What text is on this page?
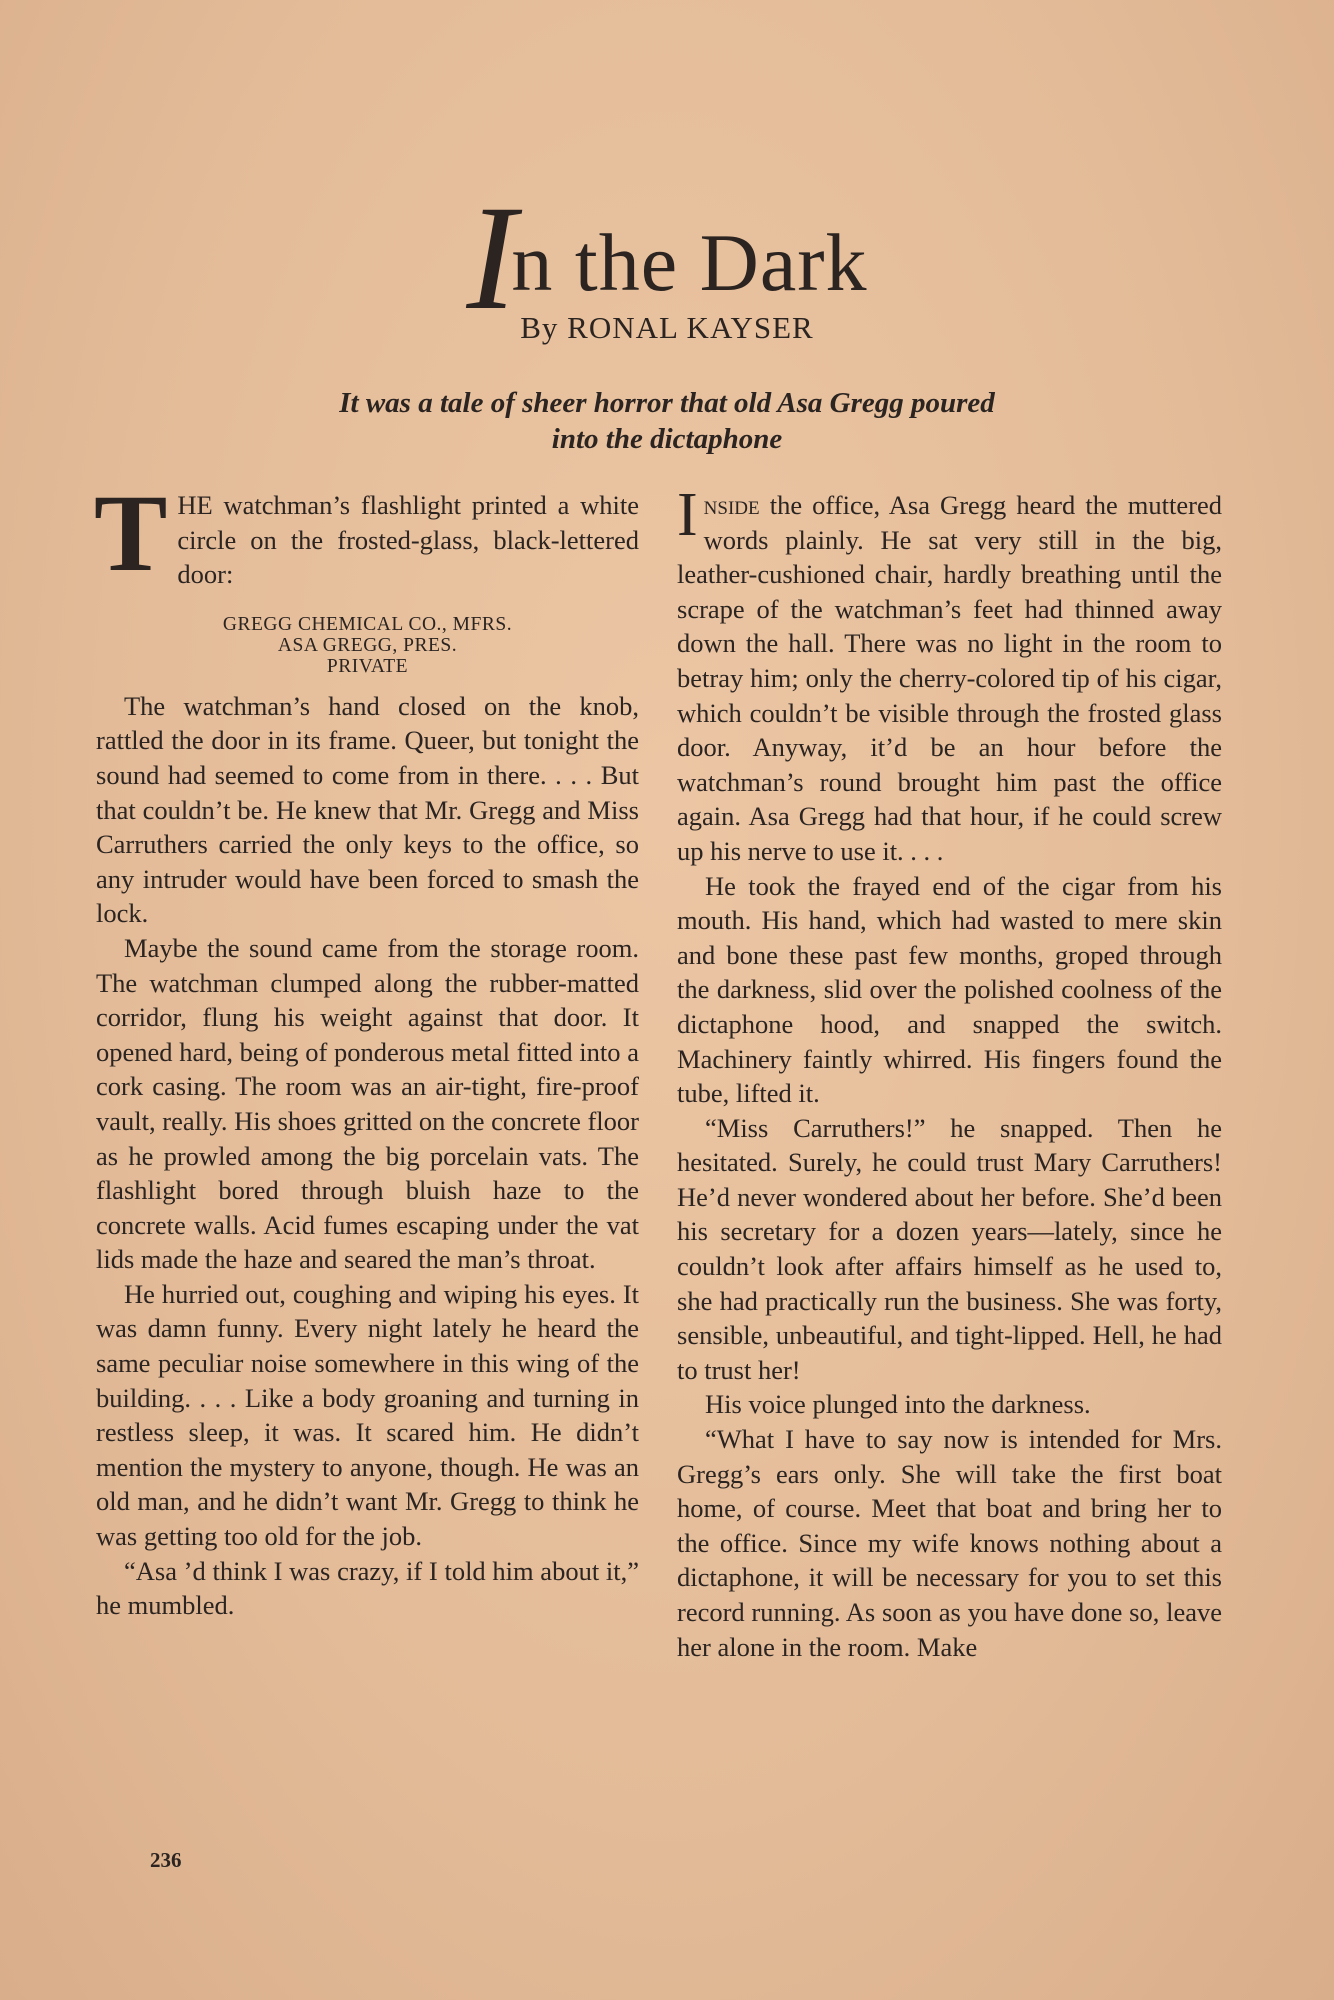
In the Dark
By RONAL KAYSER
It was a tale of sheer horror that old Asa Gregg poured
into the dictaphone

THE watchman’s flashlight printed a white circle on the frosted-glass, black-lettered door:

GREGG CHEMICAL CO., MFRS.
ASA GREGG, PRES.
PRIVATE

The watchman’s hand closed on the knob, rattled the door in its frame. Queer, but tonight the sound had seemed to come from in there. . . . But that couldn’t be. He knew that Mr. Gregg and Miss Carruthers carried the only keys to the office, so any intruder would have been forced to smash the lock.

Maybe the sound came from the storage room. The watchman clumped along the rubber-matted corridor, flung his weight against that door. It opened hard, being of ponderous metal fitted into a cork casing. The room was an air-tight, fire-proof vault, really. His shoes gritted on the concrete floor as he prowled among the big porcelain vats. The flashlight bored through bluish haze to the concrete walls. Acid fumes escaping under the vat lids made the haze and seared the man’s throat.

He hurried out, coughing and wiping his eyes. It was damn funny. Every night lately he heard the same peculiar noise somewhere in this wing of the building. . . . Like a body groaning and turning in restless sleep, it was. It scared him. He didn’t mention the mystery to anyone, though. He was an old man, and he didn’t want Mr. Gregg to think he was getting too old for the job.

“Asa ’d think I was crazy, if I told him about it,” he mumbled.

Inside the office, Asa Gregg heard the muttered words plainly. He sat very still in the big, leather-cushioned chair, hardly breathing until the scrape of the watchman’s feet had thinned away down the hall. There was no light in the room to betray him; only the cherry-colored tip of his cigar, which couldn’t be visible through the frosted glass door. Anyway, it’d be an hour before the watchman’s round brought him past the office again. Asa Gregg had that hour, if he could screw up his nerve to use it. . . .

He took the frayed end of the cigar from his mouth. His hand, which had wasted to mere skin and bone these past few months, groped through the darkness, slid over the polished coolness of the dictaphone hood, and snapped the switch. Machinery faintly whirred. His fingers found the tube, lifted it.

“Miss Carruthers!” he snapped. Then he hesitated. Surely, he could trust Mary Carruthers! He’d never wondered about her before. She’d been his secretary for a dozen years—lately, since he couldn’t look after affairs himself as he used to, she had practically run the business. She was forty, sensible, unbeautiful, and tight-lipped. Hell, he had to trust her!

His voice plunged into the darkness.

“What I have to say now is intended for Mrs. Gregg’s ears only. She will take the first boat home, of course. Meet that boat and bring her to the office. Since my wife knows nothing about a dictaphone, it will be necessary for you to set this record running. As soon as you have done so, leave her alone in the room. Make

236
